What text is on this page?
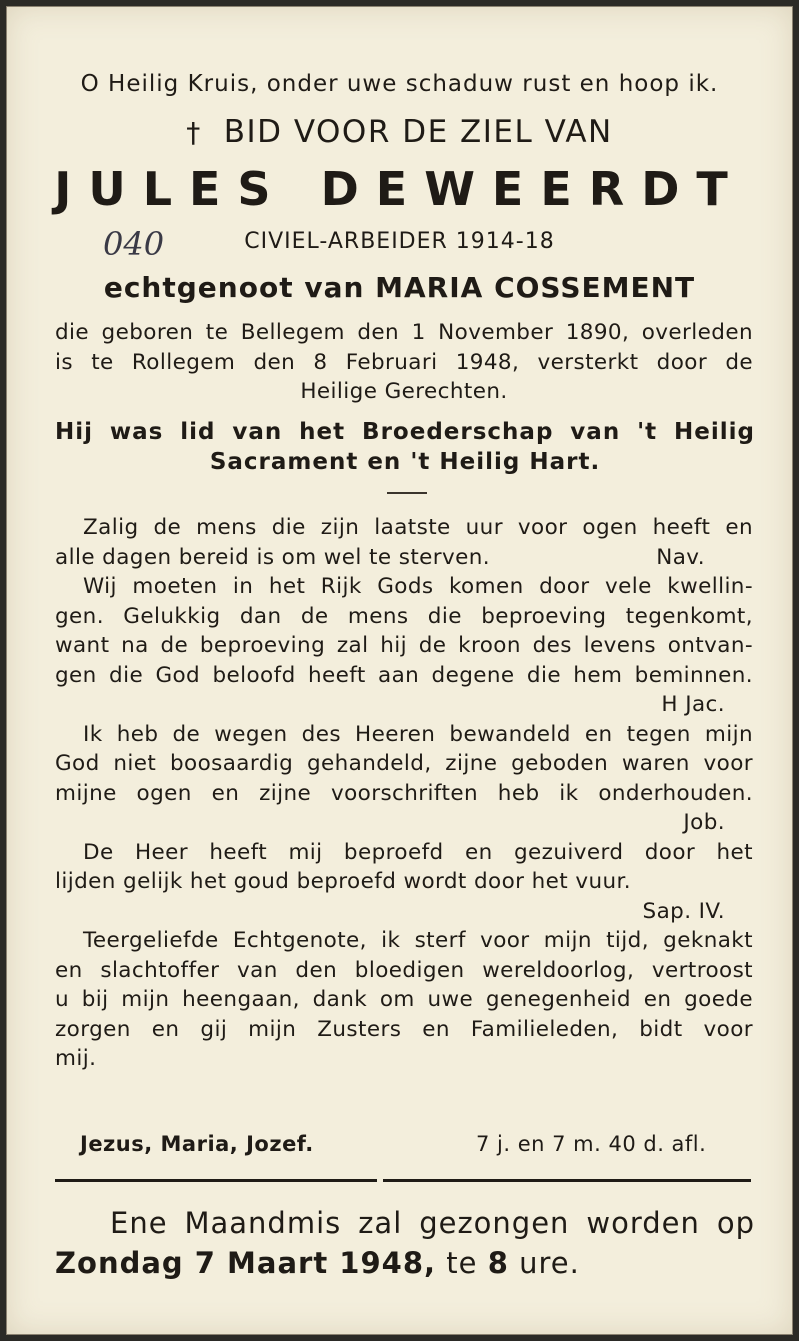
O Heilig Kruis, onder uwe schaduw rust en hoop ik.
† BID VOOR DE ZIEL VAN
JULES DEWEERDT
040	CIVIEL-ARBEIDER 1914-18
echtgenoot van MARIA COSSEMENT
die geboren te Bellegem den 1 November 1890, overleden
is te Rollegem den 8 Februari 1948, versterkt door de
Heilige Gerechten.
Hij was lid van het Broederschap van 't Heilig
Sacrament en 't Heilig Hart.
Zalig de mens die zijn laatste uur voor ogen heeft en
alle dagen bereid is om wel te sterven.	Nav.
Wij moeten in het Rijk Gods komen door vele kwellin-
gen. Gelukkig dan de mens die beproeving tegenkomt,
want na de beproeving zal hij de kroon des levens ontvan-
gen die God beloofd heeft aan degene die hem beminnen.
H Jac.
Ik heb de wegen des Heeren bewandeld en tegen mijn
God niet boosaardig gehandeld, zijne geboden waren voor
mijne ogen en zijne voorschriften heb ik onderhouden.
Job.
De Heer heeft mij beproefd en gezuiverd door het
lijden gelijk het goud beproefd wordt door het vuur.
Sap. IV.
Teergeliefde Echtgenote, ik sterf voor mijn tijd, geknakt
en slachtoffer van den bloedigen wereldoorlog, vertroost
u bij mijn heengaan, dank om uwe genegenheid en goede
zorgen en gij mijn Zusters en Familieleden, bidt voor
mij.
Jezus, Maria, Jozef.	7 j. en 7 m. 40 d. afl.
Ene Maandmis zal gezongen worden op
Zondag 7 Maart 1948, te 8 ure.
